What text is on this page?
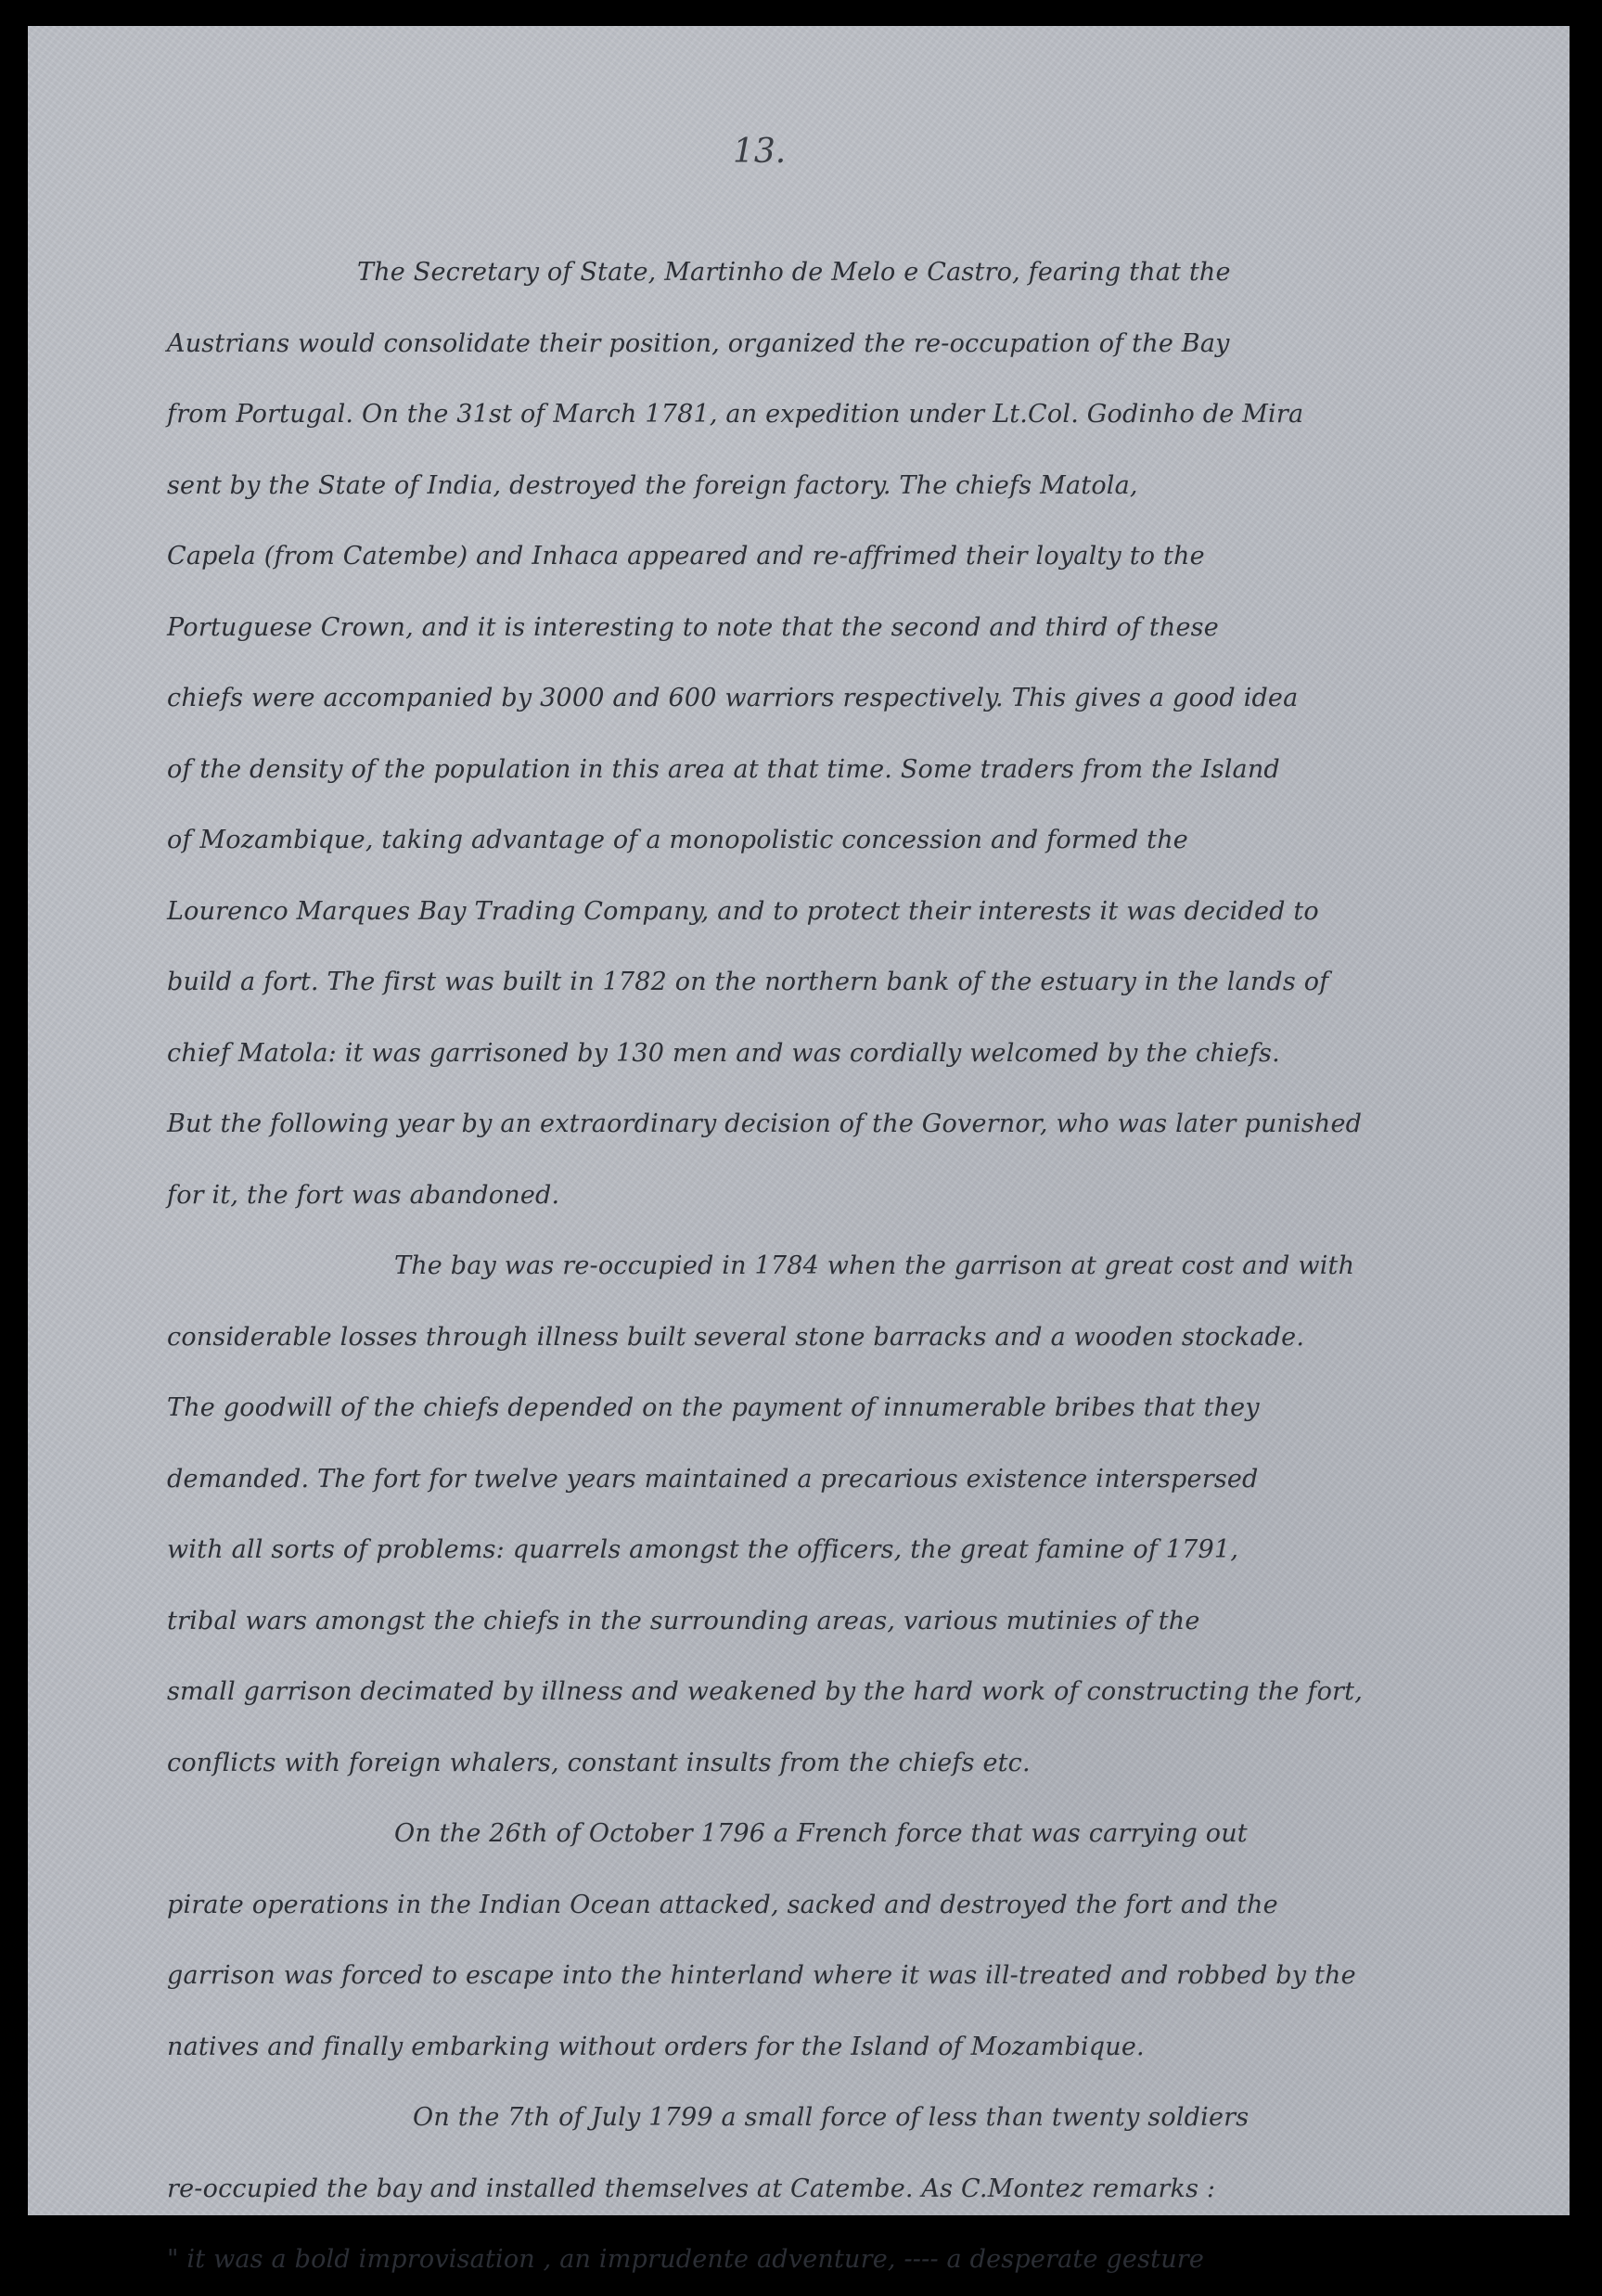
13.
The Secretary of State, Martinho de Melo e Castro, fearing that the
Austrians would consolidate their position, organized the re-occupation of the Bay
from Portugal. On the 31st of March 1781, an expedition under Lt.Col. Godinho de Mira
sent by the State of India, destroyed the foreign factory. The chiefs Matola,
Capela (from Catembe) and Inhaca appeared and re-affrimed their loyalty to the
Portuguese Crown, and it is interesting to note that the second and third of these
chiefs were accompanied by 3000 and 600 warriors respectively. This gives a good idea
of the density of the population in this area at that time. Some traders from the Island
of Mozambique, taking advantage of a monopolistic concession and formed the
Lourenco Marques Bay Trading Company, and to protect their interests it was decided to
build a fort. The first was built in 1782 on the northern bank of the estuary in the lands of
chief Matola: it was garrisoned by 130 men and was cordially welcomed by the chiefs.
But the following year by an extraordinary decision of the Governor, who was later punished
for it, the fort was abandoned.
The bay was re-occupied in 1784 when the garrison at great cost and with
considerable losses through illness built several stone barracks and a wooden stockade.
The goodwill of the chiefs depended on the payment of innumerable bribes that they
demanded. The fort for twelve years maintained a precarious existence interspersed
with all sorts of problems: quarrels amongst the officers, the great famine of 1791,
tribal wars amongst the chiefs in the surrounding areas, various mutinies of the
small garrison decimated by illness and weakened by the hard work of constructing the fort,
conflicts with foreign whalers, constant insults from the chiefs etc.
On the 26th of October 1796 a French force that was carrying out
pirate operations in the Indian Ocean attacked, sacked and destroyed the fort and the
garrison was forced to escape into the hinterland where it was ill-treated and robbed by the
natives and finally embarking without orders for the Island of Mozambique.
On the 7th of July 1799 a small force of less than twenty soldiers
re-occupied the bay and installed themselves at Catembe. As C.Montez remarks :
" it was a bold improvisation , an imprudente adventure, ---- a desperate gesture
